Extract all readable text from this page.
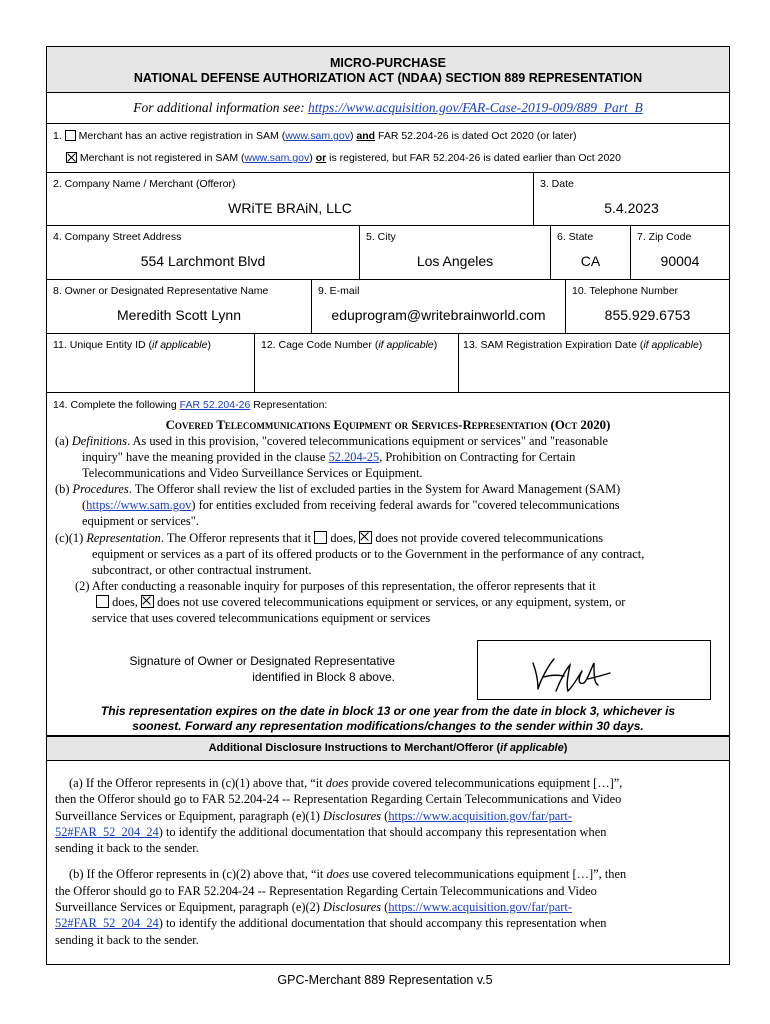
MICRO-PURCHASE
NATIONAL DEFENSE AUTHORIZATION ACT (NDAA) SECTION 889 REPRESENTATION
For additional information see: https://www.acquisition.gov/FAR-Case-2019-009/889_Part_B
1. Merchant has an active registration in SAM (www.sam.gov) and FAR 52.204-26 is dated Oct 2020 (or later)
Merchant is not registered in SAM (www.sam.gov) or is registered, but FAR 52.204-26 is dated earlier than Oct 2020
2. Company Name / Merchant (Offeror)
WRiTE BRAiN, LLC
3. Date
5.4.2023
4. Company Street Address
554 Larchmont Blvd
5. City
Los Angeles
6. State
CA
7. Zip Code
90004
8. Owner or Designated Representative Name
Meredith Scott Lynn
9. E-mail
eduprogram@writebrainworld.com
10. Telephone Number
855.929.6753
11. Unique Entity ID (if applicable)	12. Cage Code Number (if applicable) 13. SAM Registration Expiration Date (if applicable)
14. Complete the following FAR 52.204-26 Representation:
Covered Telecommunications Equipment or Services-Representation (Oct 2020)
(a) Definitions. As used in this provision, "covered telecommunications equipment or services" and "reasonable
inquiry" have the meaning provided in the clause 52.204-25, Prohibition on Contracting for Certain
Telecommunications and Video Surveillance Services or Equipment.
(b) Procedures. The Offeror shall review the list of excluded parties in the System for Award Management (SAM)
(https://www.sam.gov) for entities excluded from receiving federal awards for "covered telecommunications
equipment or services".
(c)(1) Representation. The Offeror represents that it  does,  does not provide covered telecommunications
equipment or services as a part of its offered products or to the Government in the performance of any contract,
subcontract, or other contractual instrument.
(2) After conducting a reasonable inquiry for purposes of this representation, the offeror represents that it
does,  does not use covered telecommunications equipment or services, or any equipment, system, or
service that uses covered telecommunications equipment or services
Signature of Owner or Designated Representative
identified in Block 8 above.
This representation expires on the date in block 13 or one year from the date in block 3, whichever is
soonest. Forward any representation modifications/changes to the sender within 30 days.
Additional Disclosure Instructions to Merchant/Offeror (if applicable)
(a) If the Offeror represents in (c)(1) above that, “it does provide covered telecommunications equipment […]”,
then the Offeror should go to FAR 52.204-24 -- Representation Regarding Certain Telecommunications and Video
Surveillance Services or Equipment, paragraph (e)(1) Disclosures (https://www.acquisition.gov/far/part-
52#FAR_52_204_24) to identify the additional documentation that should accompany this representation when
sending it back to the sender.
(b) If the Offeror represents in (c)(2) above that, “it does use covered telecommunications equipment […]”, then
the Offeror should go to FAR 52.204-24 -- Representation Regarding Certain Telecommunications and Video
Surveillance Services or Equipment, paragraph (e)(2) Disclosures (https://www.acquisition.gov/far/part-
52#FAR_52_204_24) to identify the additional documentation that should accompany this representation when
sending it back to the sender.
GPC-Merchant 889 Representation v.5
